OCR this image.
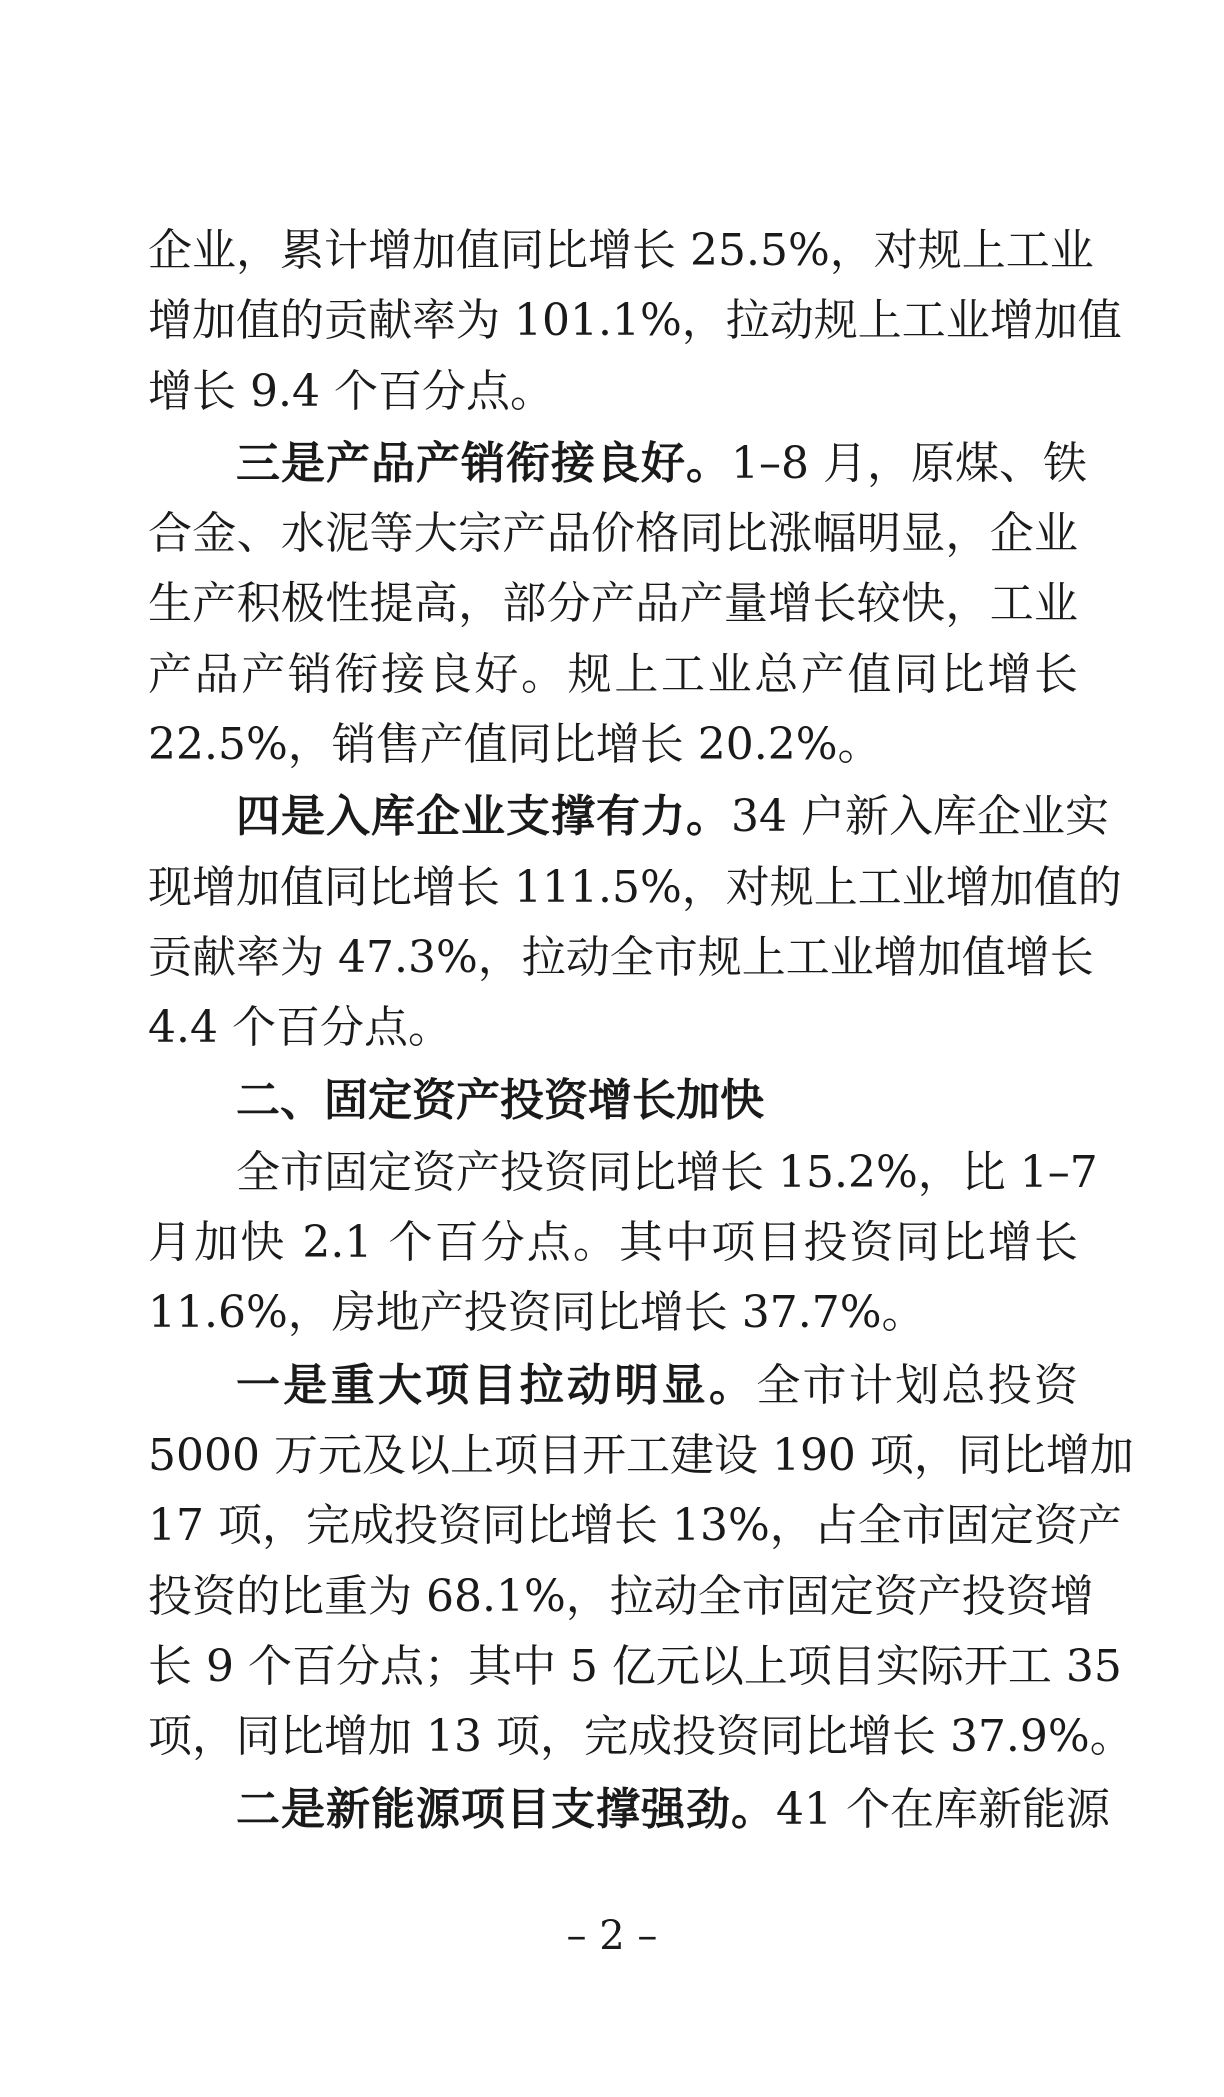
企业，累计增加值同比增长 25.5%，对规上工业
增加值的贡献率为 101.1%，拉动规上工业增加值
增长 9.4 个百分点。
三是产品产销衔接良好。1–8 月，原煤、铁
合金、水泥等大宗产品价格同比涨幅明显，企业
生产积极性提高，部分产品产量增长较快，工业
产品产销衔接良好。规上工业总产值同比增长
22.5%，销售产值同比增长 20.2%。
四是入库企业支撑有力。34 户新入库企业实
现增加值同比增长 111.5%，对规上工业增加值的
贡献率为 47.3%，拉动全市规上工业增加值增长
4.4 个百分点。
二、固定资产投资增长加快
全市固定资产投资同比增长 15.2%，比 1–7
月加快 2.1 个百分点。其中项目投资同比增长
11.6%，房地产投资同比增长 37.7%。
一是重大项目拉动明显。全市计划总投资
5000 万元及以上项目开工建设 190 项，同比增加
17 项，完成投资同比增长 13%，占全市固定资产
投资的比重为 68.1%，拉动全市固定资产投资增
长 9 个百分点；其中 5 亿元以上项目实际开工 35
项，同比增加 13 项，完成投资同比增长 37.9%。
二是新能源项目支撑强劲。41 个在库新能源
– 2 –
